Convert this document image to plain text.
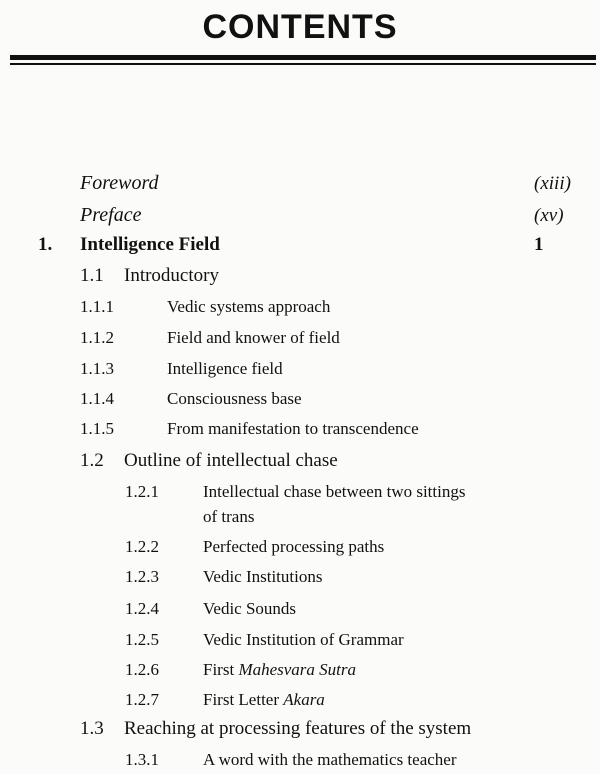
CONTENTS
Foreword	(xiii)
Preface	(xv)
1. Intelligence Field	1
1.1 Introductory
1.1.1	Vedic systems approach
1.1.2	Field and knower of field
1.1.3	Intelligence field
1.1.4	Consciousness base
1.1.5	From manifestation to transcendence
1.2 Outline of intellectual chase
1.2.1	Intellectual chase between two sittings
of trans
1.2.2	Perfected processing paths
1.2.3	Vedic Institutions
1.2.4	Vedic Sounds
1.2.5	Vedic Institution of Grammar
1.2.6	First Mahesvara Sutra
1.2.7	First Letter Akara
1.3 Reaching at processing features of the system
1.3.1	A word with the mathematics teacher
